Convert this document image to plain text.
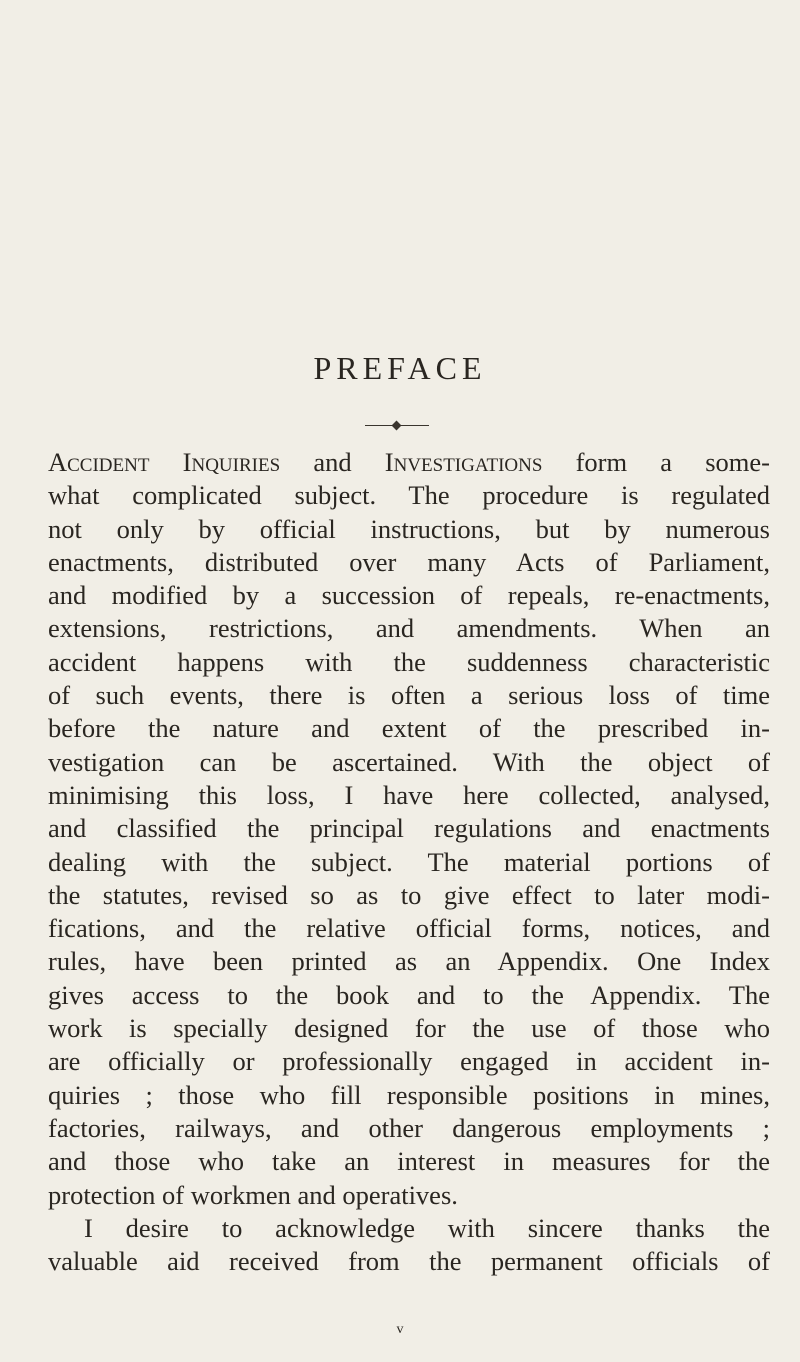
PREFACE
Accident Inquiries and Investigations form a some-
what complicated subject. The procedure is regulated
not only by official instructions, but by numerous
enactments, distributed over many Acts of Parliament,
and modified by a succession of repeals, re-enactments,
extensions, restrictions, and amendments. When an
accident happens with the suddenness characteristic
of such events, there is often a serious loss of time
before the nature and extent of the prescribed in-
vestigation can be ascertained. With the object of
minimising this loss, I have here collected, analysed,
and classified the principal regulations and enactments
dealing with the subject. The material portions of
the statutes, revised so as to give effect to later modi-
fications, and the relative official forms, notices, and
rules, have been printed as an Appendix. One Index
gives access to the book and to the Appendix. The
work is specially designed for the use of those who
are officially or professionally engaged in accident in-
quiries ; those who fill responsible positions in mines,
factories, railways, and other dangerous employments ;
and those who take an interest in measures for the
protection of workmen and operatives.
I desire to acknowledge with sincere thanks the
valuable aid received from the permanent officials of
v
